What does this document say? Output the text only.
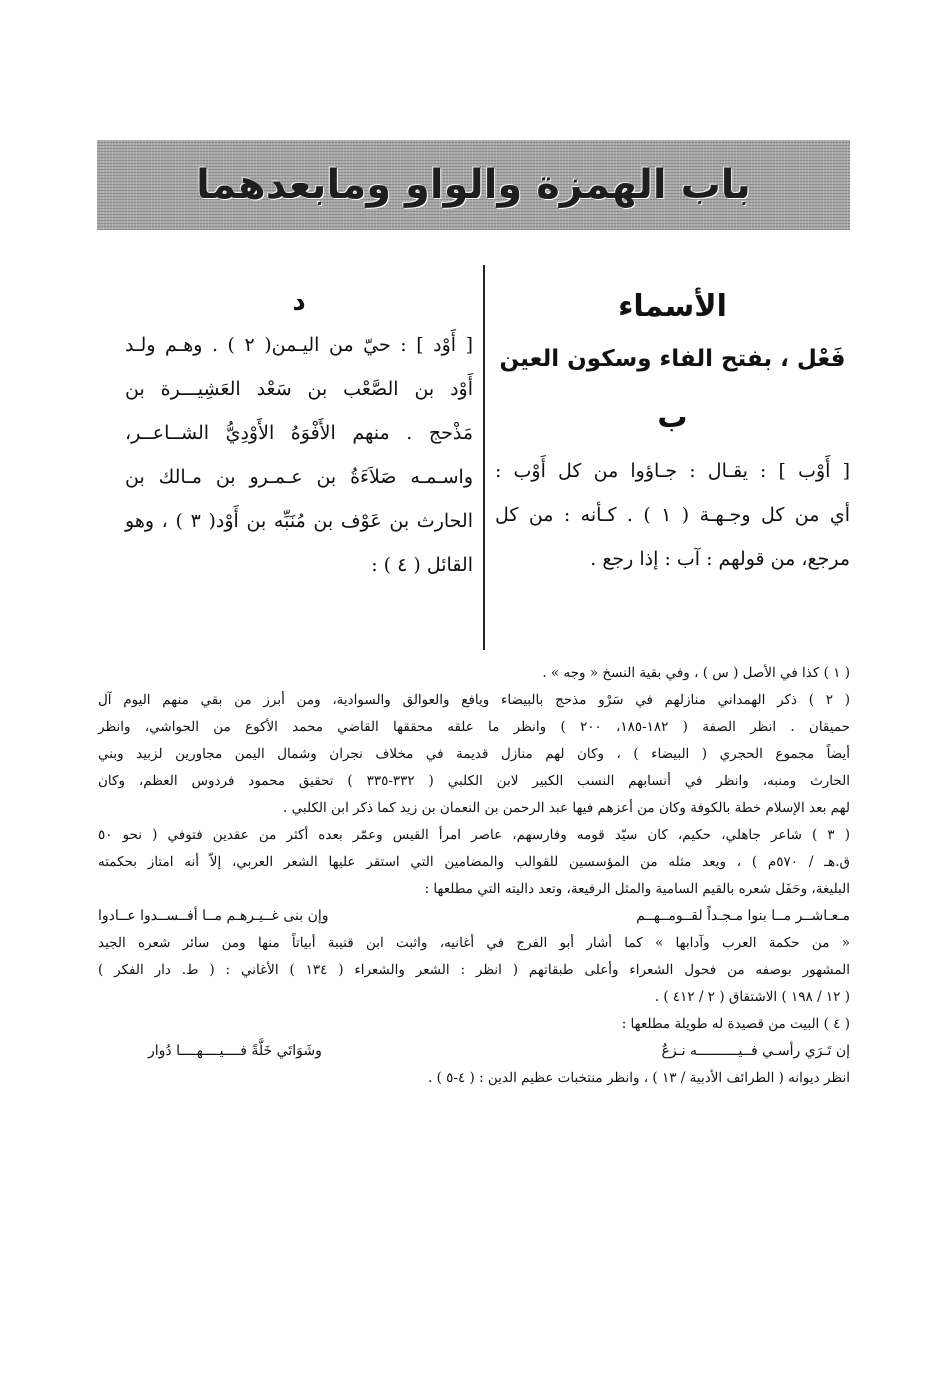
باب الهمزة والواو ومابعدهما
الأسماء
فَعْل ، بفتح الفاء وسكون العين
ب

[ أَوْب ] : يقـال : جـاؤوا من كل أَوْب :

أي من كل وجـهـة ( ١ ) . كـأنه : من كل

مرجع، من قولهم : آب : إذا رجع .

د

[ أَوْد ] : حيّ من اليـمن( ٢ ) . وهـم ولـد

أَوْد بن الصَّعْب بن سَعْد العَشِيـــرة بن

مَذْحج . منهم الأَفْوَهُ الأَوْدِيُّ الشــاعــر،

واسـمـه صَلاَءَةُ بن عـمـرو بن مـالك بن

الحارث بن عَوْف بن مُنَبِّه بن أَوْد( ٣ ) ، وهو

القائل ( ٤ ) :

( ١ ) كذا في الأصل ( س ) ، وفي بقية النسخ « وجه » .

( ٢ ) ذكر الهمداني منازلهم في سَرْو مذحج بالبيضاء ويافع والعوالق والسوادية، ومن أبرز من بقي منهم اليوم آل

حميقان . انظر الصفة ( ١٨٢-١٨٥، ٢٠٠ ) وانظر ما علقه محققها القاضي محمد الأكوع من الحواشي، وانظر

أيضاً مجموع الحجري ( البيضاء ) ، وكان لهم منازل قديمة في مخلاف نجران وشمال اليمن مجاورين لزبيد وبني

الحارث ومنبه، وانظر في أنسابهم النسب الكبير لابن الكلبي ( ٣٣٢-٣٣٥ ) تحقيق محمود فردوس العظم، وكان

لهم بعد الإسلام خطة بالكوفة وكان من أعزهم فيها عبد الرحمن بن النعمان بن زيد كما ذكر ابن الكلبي .

( ٣ ) شاعر جاهلي، حكيم، كان سيّد قومه وفارسهم، عاصر امرأ القيس وعمّر بعده أكثر من عقدين فتوفي ( نحو ٥٠

ق.هـ / ٥٧٠م ) ، ويعد مثله من المؤسسين للقوالب والمضامين التي استقر عليها الشعر العربي، إلاّ أنه امتاز بحكمته

البليغة، وحَفَل شعره بالقيم السامية والمثل الرفيعة، وتعد داليته التي مطلعها :

مـعـاشــر مــا بنوا مـجـداً لقــومــهــم
وإن بنى غــيـرهـم مــا أفــســدوا عــادوا

« من حكمة العرب وآدابها » كما أشار أبو الفرج في أغانيه، واثبت ابن قتيبة أبياتاً منها ومن سائر شعره الجيد

المشهور بوصفه من فحول الشعراء وأعلى طبقاتهم ( انظر : الشعر والشعراء ( ١٣٤ ) الأغاني : ( ط. دار الفكر )

( ١٢ / ١٩٨ ) الاشتقاق ( ٢ / ٤١٢ ) .

( ٤ ) البيت من قصيدة له طويلة مطلعها :

إن تَـرَي رأسـي فــيــــــــــه نـزعٌ
وشَوَاتَي خَلَّةً فــــيــــهــــا دُوار

انظر ديوانه ( الطرائف الأدبية / ١٣ ) ، وانظر منتخبات عظيم الدين : ( ٤-٥ ) .
